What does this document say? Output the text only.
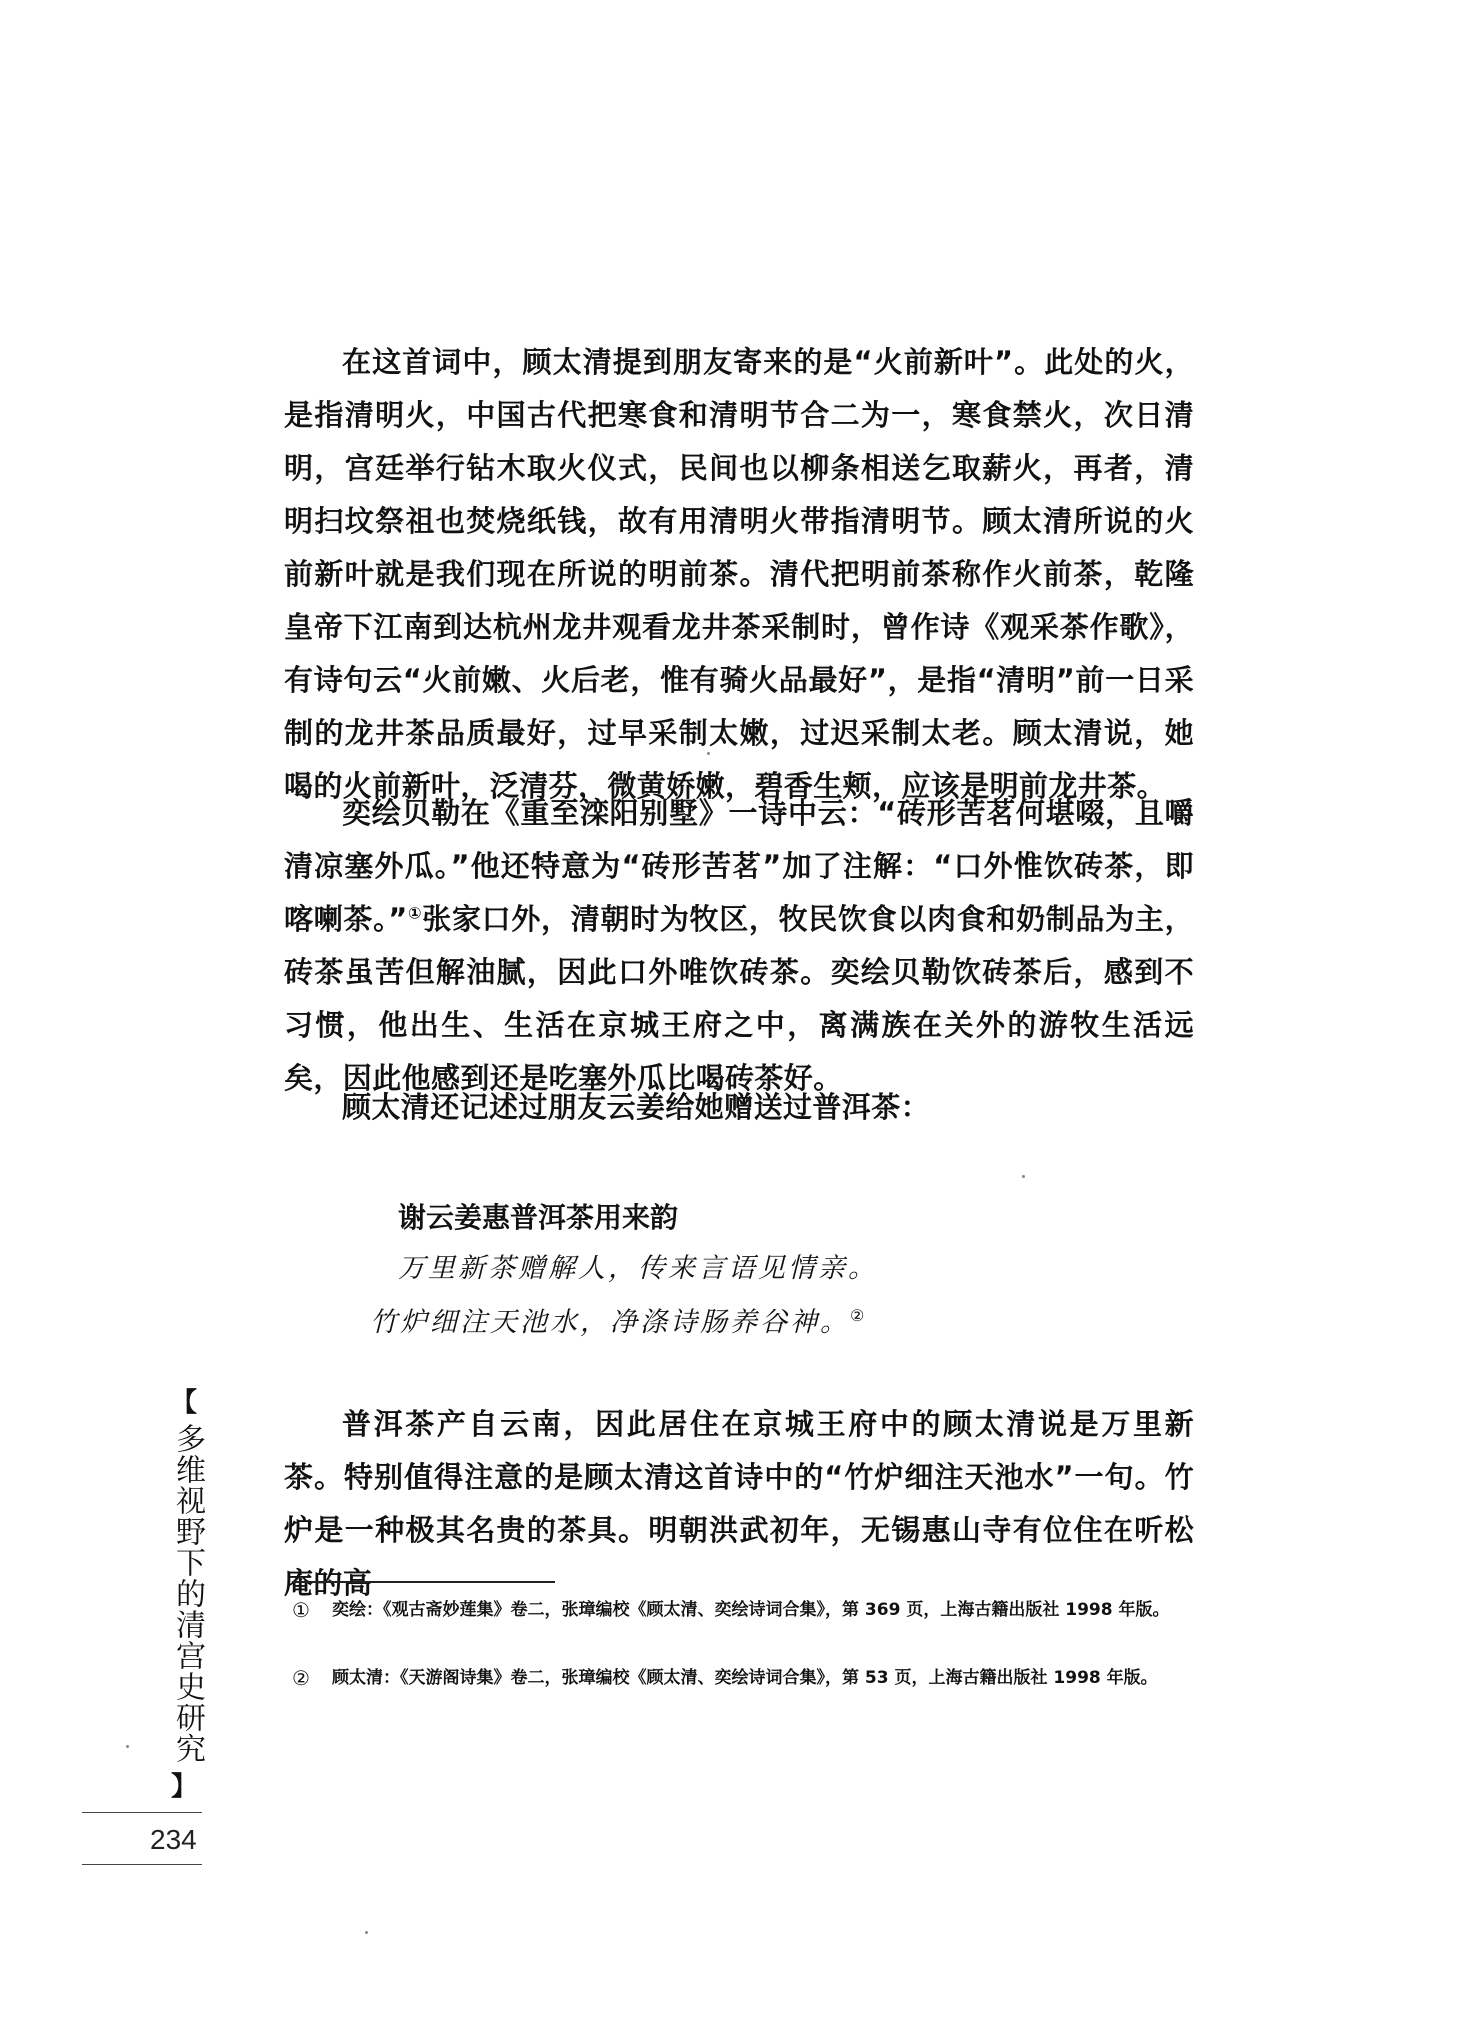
在这首词中，顾太清提到朋友寄来的是“火前新叶”。此处的火，是指清明火，中国古代把寒食和清明节合二为一，寒食禁火，次日清明，宫廷举行钻木取火仪式，民间也以柳条相送乞取薪火，再者，清明扫坟祭祖也焚烧纸钱，故有用清明火带指清明节。顾太清所说的火前新叶就是我们现在所说的明前茶。清代把明前茶称作火前茶，乾隆皇帝下江南到达杭州龙井观看龙井茶采制时，曾作诗《观采茶作歌》，有诗句云“火前嫩、火后老，惟有骑火品最好”，是指“清明”前一日采制的龙井茶品质最好，过早采制太嫩，过迟采制太老。顾太清说，她喝的火前新叶，泛清芬，微黄娇嫩，碧香生颊，应该是明前龙井茶。

奕绘贝勒在《重至滦阳别墅》一诗中云：“砖形苦茗何堪啜，且嚼清凉塞外瓜。”他还特意为“砖形苦茗”加了注解：“口外惟饮砖茶，即喀喇茶。”①张家口外，清朝时为牧区，牧民饮食以肉食和奶制品为主，砖茶虽苦但解油腻，因此口外唯饮砖茶。奕绘贝勒饮砖茶后，感到不习惯，他出生、生活在京城王府之中，离满族在关外的游牧生活远矣，因此他感到还是吃塞外瓜比喝砖茶好。

顾太清还记述过朋友云姜给她赠送过普洱茶：

谢云姜惠普洱茶用来韵
万里新茶赠解人，传来言语见情亲。
竹炉细注天池水，净涤诗肠养谷神。②

普洱茶产自云南，因此居住在京城王府中的顾太清说是万里新茶。特别值得注意的是顾太清这首诗中的“竹炉细注天池水”一句。竹炉是一种极其名贵的茶具。明朝洪武初年，无锡惠山寺有位住在听松庵的高

① 奕绘：《观古斋妙莲集》卷二，张璋编校《顾太清、奕绘诗词合集》，第 369 页，上海古籍出版社 1998 年版。
② 顾太清：《天游阁诗集》卷二，张璋编校《顾太清、奕绘诗词合集》，第 53 页，上海古籍出版社 1998 年版。
【
多维视野下的清宫史研究
】
234
